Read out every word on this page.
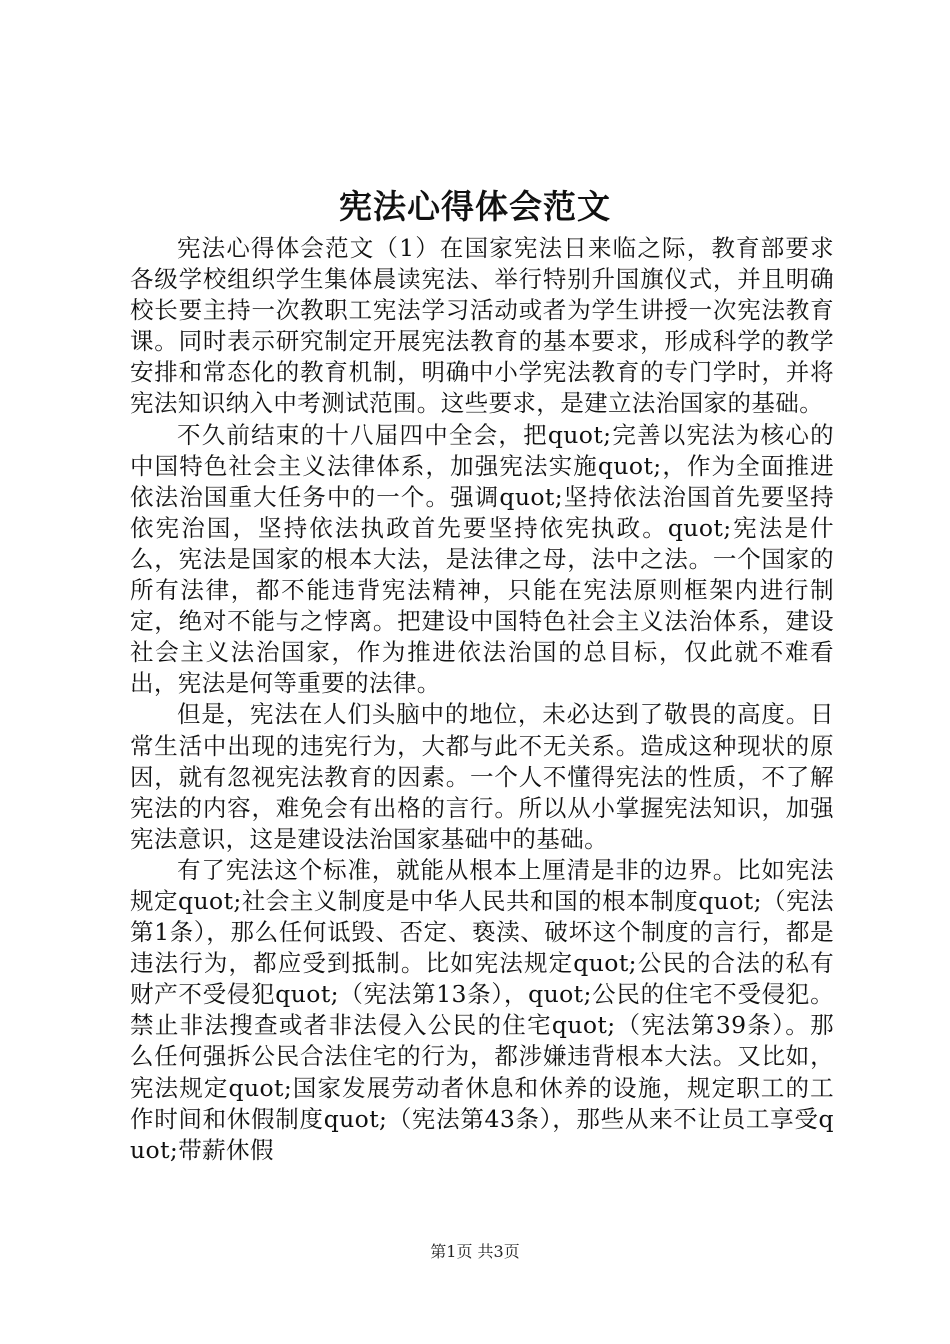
宪法心得体会范文

宪法心得体会范文（1）在国家宪法日来临之际，教育部要求各级学校组织学生集体晨读宪法、举行特别升国旗仪式，并且明确校长要主持一次教职工宪法学习活动或者为学生讲授一次宪法教育课。同时表示研究制定开展宪法教育的基本要求，形成科学的教学安排和常态化的教育机制，明确中小学宪法教育的专门学时，并将宪法知识纳入中考测试范围。这些要求，是建立法治国家的基础。

不久前结束的十八届四中全会，把quot;完善以宪法为核心的中国特色社会主义法律体系，加强宪法实施quot;，作为全面推进依法治国重大任务中的一个。强调quot;坚持依法治国首先要坚持依宪治国，坚持依法执政首先要坚持依宪执政。quot;宪法是什么，宪法是国家的根本大法，是法律之母，法中之法。一个国家的所有法律，都不能违背宪法精神，只能在宪法原则框架内进行制定，绝对不能与之悖离。把建设中国特色社会主义法治体系，建设社会主义法治国家，作为推进依法治国的总目标，仅此就不难看出，宪法是何等重要的法律。

但是，宪法在人们头脑中的地位，未必达到了敬畏的高度。日常生活中出现的违宪行为，大都与此不无关系。造成这种现状的原因，就有忽视宪法教育的因素。一个人不懂得宪法的性质，不了解宪法的内容，难免会有出格的言行。所以从小掌握宪法知识，加强宪法意识，这是建设法治国家基础中的基础。

有了宪法这个标准，就能从根本上厘清是非的边界。比如宪法规定quot;社会主义制度是中华人民共和国的根本制度quot;（宪法第1条），那么任何诋毁、否定、亵渎、破坏这个制度的言行，都是违法行为，都应受到抵制。比如宪法规定quot;公民的合法的私有财产不受侵犯quot;（宪法第13条），quot;公民的住宅不受侵犯。禁止非法搜查或者非法侵入公民的住宅quot;（宪法第39条）。那么任何强拆公民合法住宅的行为，都涉嫌违背根本大法。又比如，宪法规定quot;国家发展劳动者休息和休养的设施，规定职工的工作时间和休假制度quot;（宪法第43条），那些从来不让员工享受quot;带薪休假

第1页 共3页
